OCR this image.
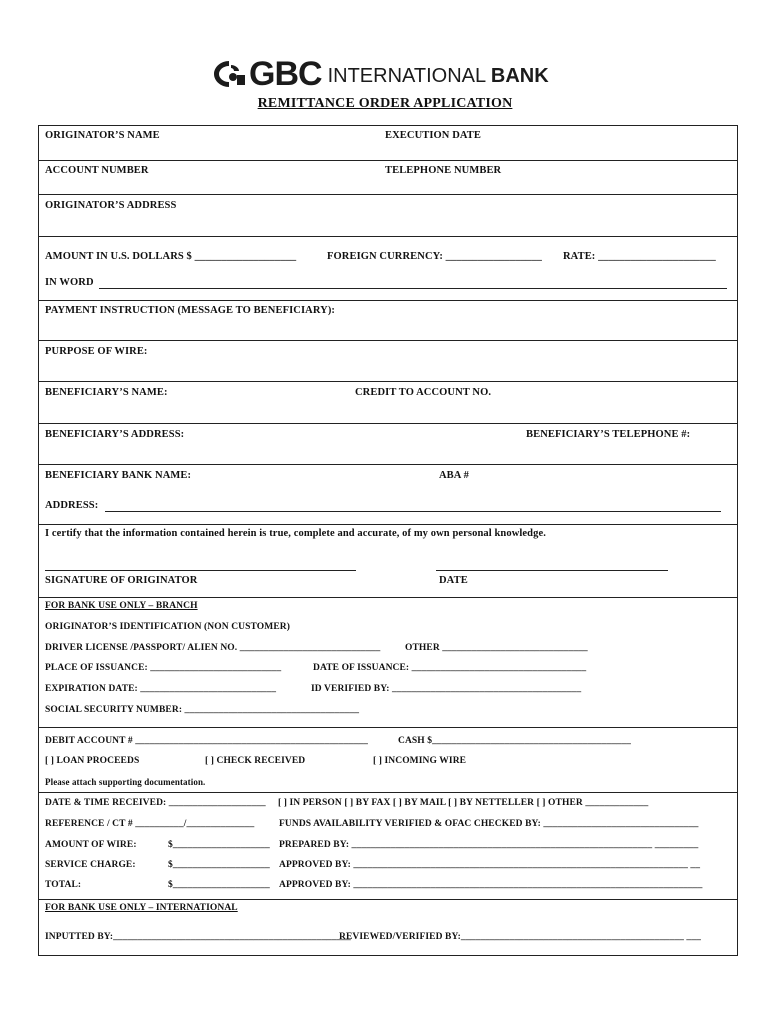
GBC INTERNATIONAL BANK
REMITTANCE ORDER APPLICATION
ORIGINATOR’S NAME	EXECUTION DATE
ACCOUNT NUMBER	TELEPHONE NUMBER
ORIGINATOR’S ADDRESS
AMOUNT IN U.S. DOLLARS $ ___________________	FOREIGN CURRENCY: __________________ RATE: ______________________
IN WORD
PAYMENT INSTRUCTION (MESSAGE TO BENEFICIARY):
PURPOSE OF WIRE:
BENEFICIARY’S NAME:	CREDIT TO ACCOUNT NO.
BENEFICIARY’S ADDRESS:	BENEFICIARY’S TELEPHONE #:
BENEFICIARY BANK NAME:	ABA #
ADDRESS:
I certify that the information contained herein is true, complete and accurate, of my own personal knowledge.
SIGNATURE OF ORIGINATOR	DATE
FOR BANK USE ONLY – BRANCH
ORIGINATOR’S IDENTIFICATION (NON CUSTOMER)
DRIVER LICENSE /PASSPORT/ ALIEN NO. _____________________________	OTHER ______________________________
PLACE OF ISSUANCE: ___________________________	DATE OF ISSUANCE: ____________________________________
EXPIRATION DATE: ____________________________	ID VERIFIED BY: _______________________________________
SOCIAL SECURITY NUMBER: ____________________________________
DEBIT ACCOUNT # ________________________________________________	CASH $_________________________________________
[ ] LOAN PROCEEDS	[ ] CHECK RECEIVED	[ ] INCOMING WIRE
Please attach supporting documentation.
DATE & TIME RECEIVED: ____________________ [ ] IN PERSON [ ] BY FAX [ ] BY MAIL [ ] BY NETTELLER [ ] OTHER _____________
REFERENCE / CT # __________/______________	FUNDS AVAILABILITY VERIFIED & OFAC CHECKED BY: ________________________________
AMOUNT OF WIRE:	$____________________ PREPARED BY: ______________________________________________________________ _________
SERVICE CHARGE:	$____________________ APPROVED BY: _____________________________________________________________________ __
TOTAL:	$____________________ APPROVED BY: ________________________________________________________________________
FOR BANK USE ONLY – INTERNATIONAL
INPUTTED BY:_________________________________________________
REVIEWED/VERIFIED BY:______________________________________________ ___
